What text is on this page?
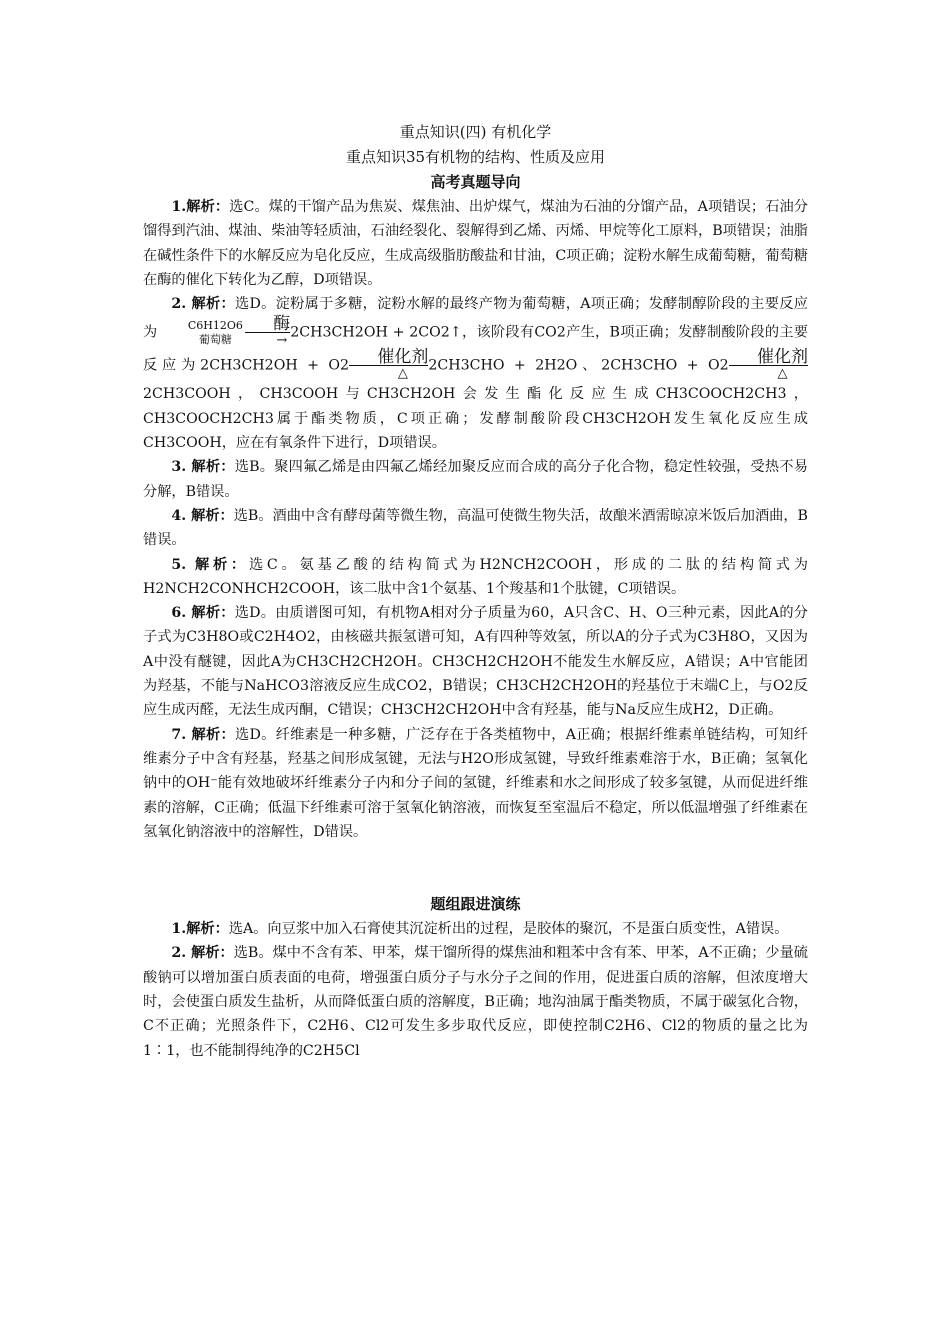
重点知识(四) 有机化学
重点知识35有机物的结构、性质及应用
高考真题导向

1.解析：选C。煤的干馏产品为焦炭、煤焦油、出炉煤气，煤油为石油的分馏产品，A项错误；石油分馏得到汽油、煤油、柴油等轻质油，石油经裂化、裂解得到乙烯、丙烯、甲烷等化工原料，B项错误；油脂在碱性条件下的水解反应为皂化反应，生成高级脂肪酸盐和甘油，C项正确；淀粉水解生成葡萄糖，葡萄糖在酶的催化下转化为乙醇，D项错误。

2. 解析：选D。淀粉属于多糖，淀粉水解的最终产物为葡萄糖，A项正确；发酵制醇阶段的主要反应为	C6H12O6
葡萄糖
酶
→ 2CH3CH2OH + 2CO2↑，该阶段有CO2产生，B项正确；发酵制酸阶段的主要反应为2CH3CH2OH + O2	催化剂
△	2CH3CHO + 2H2O、2CH3CHO + O2	催化剂
△
2CH3COOH，CH3COOH与CH3CH2OH会发生酯化反应生成CH3COOCH2CH3，CH3COOCH2CH3属于酯类物质，C项正确；发酵制酸阶段CH3CH2OH发生氧化反应生成CH3COOH，应在有氧条件下进行，D项错误。

3. 解析：选B。聚四氟乙烯是由四氟乙烯经加聚反应而合成的高分子化合物，稳定性较强，受热不易分解，B错误。

4. 解析：选B。酒曲中含有酵母菌等微生物，高温可使微生物失活，故酿米酒需晾凉米饭后加酒曲，B错误。

5. 解析：选C。氨基乙酸的结构简式为H2NCH2COOH，形成的二肽的结构简式为H2NCH2CONHCH2COOH，该二肽中含1个氨基、1个羧基和1个肽键，C项错误。

6. 解析：选D。由质谱图可知，有机物A相对分子质量为60，A只含C、H、O三种元素，因此A的分子式为C3H8O或C2H4O2，由核磁共振氢谱可知，A有四种等效氢，所以A的分子式为C3H8O，又因为A中没有醚键，因此A为CH3CH2CH2OH。CH3CH2CH2OH不能发生水解反应，A错误；A中官能团为羟基，不能与NaHCO3溶液反应生成CO2，B错误；CH3CH2CH2OH的羟基位于末端C上，与O2反应生成丙醛，无法生成丙酮，C错误；CH3CH2CH2OH中含有羟基，能与Na反应生成H2，D正确。

7. 解析：选D。纤维素是一种多糖，广泛存在于各类植物中，A正确；根据纤维素单链结构，可知纤维素分子中含有羟基，羟基之间形成氢键，无法与H2O形成氢键，导致纤维素难溶于水，B正确；氢氧化钠中的OH⁻能有效地破坏纤维素分子内和分子间的氢键，纤维素和水之间形成了较多氢键，从而促进纤维素的溶解，C正确；低温下纤维素可溶于氢氧化钠溶液，而恢复至室温后不稳定，所以低温增强了纤维素在氢氧化钠溶液中的溶解性，D错误。

题组跟进演练

1.解析：选A。向豆浆中加入石膏使其沉淀析出的过程，是胶体的聚沉，不是蛋白质变性，A错误。

2. 解析：选B。煤中不含有苯、甲苯，煤干馏所得的煤焦油和粗苯中含有苯、甲苯，A不正确；少量硫酸钠可以增加蛋白质表面的电荷，增强蛋白质分子与水分子之间的作用，促进蛋白质的溶解，但浓度增大时，会使蛋白质发生盐析，从而降低蛋白质的溶解度，B正确；地沟油属于酯类物质，不属于碳氢化合物，C不正确；光照条件下，C2H6、Cl2可发生多步取代反应，即使控制C2H6、Cl2的物质的量之比为1∶1，也不能制得纯净的C2H5Cl
